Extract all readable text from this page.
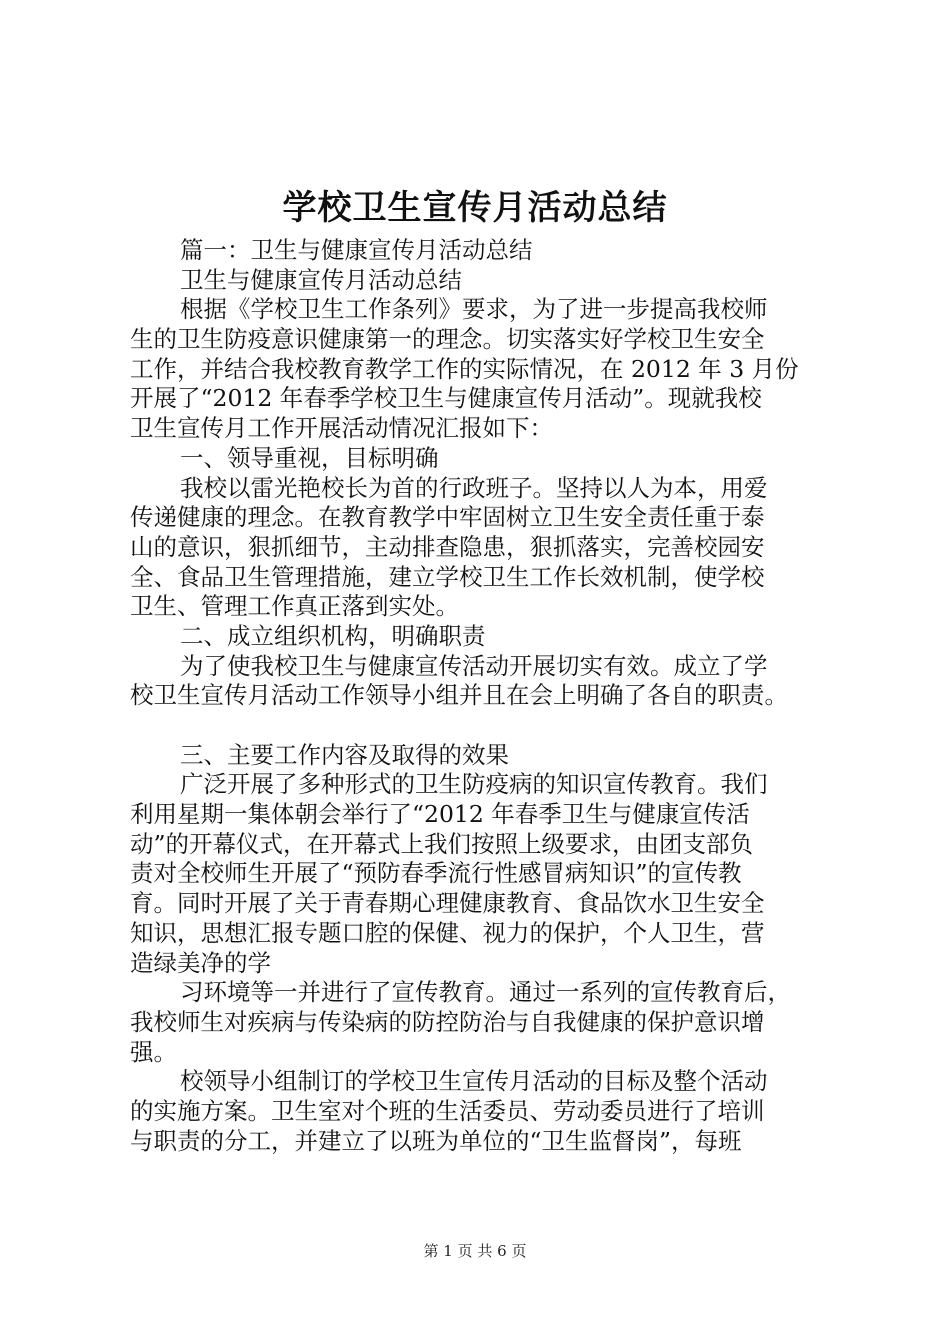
学校卫生宣传月活动总结
篇一：卫生与健康宣传月活动总结
卫生与健康宣传月活动总结
根据《学校卫生工作条列》要求，为了进一步提高我校师
生的卫生防疫意识健康第一的理念。切实落实好学校卫生安全
工作，并结合我校教育教学工作的实际情况，在 2012 年 3 月份
开展了“2012 年春季学校卫生与健康宣传月活动”。现就我校
卫生宣传月工作开展活动情况汇报如下：
一、领导重视，目标明确
我校以雷光艳校长为首的行政班子。坚持以人为本，用爱
传递健康的理念。在教育教学中牢固树立卫生安全责任重于泰
山的意识，狠抓细节，主动排查隐患，狠抓落实，完善校园安
全、食品卫生管理措施，建立学校卫生工作长效机制，使学校
卫生、管理工作真正落到实处。
二、成立组织机构，明确职责
为了使我校卫生与健康宣传活动开展切实有效。成立了学
校卫生宣传月活动工作领导小组并且在会上明确了各自的职责。
三、主要工作内容及取得的效果
广泛开展了多种形式的卫生防疫病的知识宣传教育。我们
利用星期一集体朝会举行了“2012 年春季卫生与健康宣传活
动”的开幕仪式，在开幕式上我们按照上级要求，由团支部负
责对全校师生开展了“预防春季流行性感冒病知识”的宣传教
育。同时开展了关于青春期心理健康教育、食品饮水卫生安全
知识，思想汇报专题口腔的保健、视力的保护，个人卫生，营
造绿美净的学
习环境等一并进行了宣传教育。通过一系列的宣传教育后，
我校师生对疾病与传染病的防控防治与自我健康的保护意识增
强。
校领导小组制订的学校卫生宣传月活动的目标及整个活动
的实施方案。卫生室对个班的生活委员、劳动委员进行了培训
与职责的分工，并建立了以班为单位的“卫生监督岗”，每班
第 1 页 共 6 页
